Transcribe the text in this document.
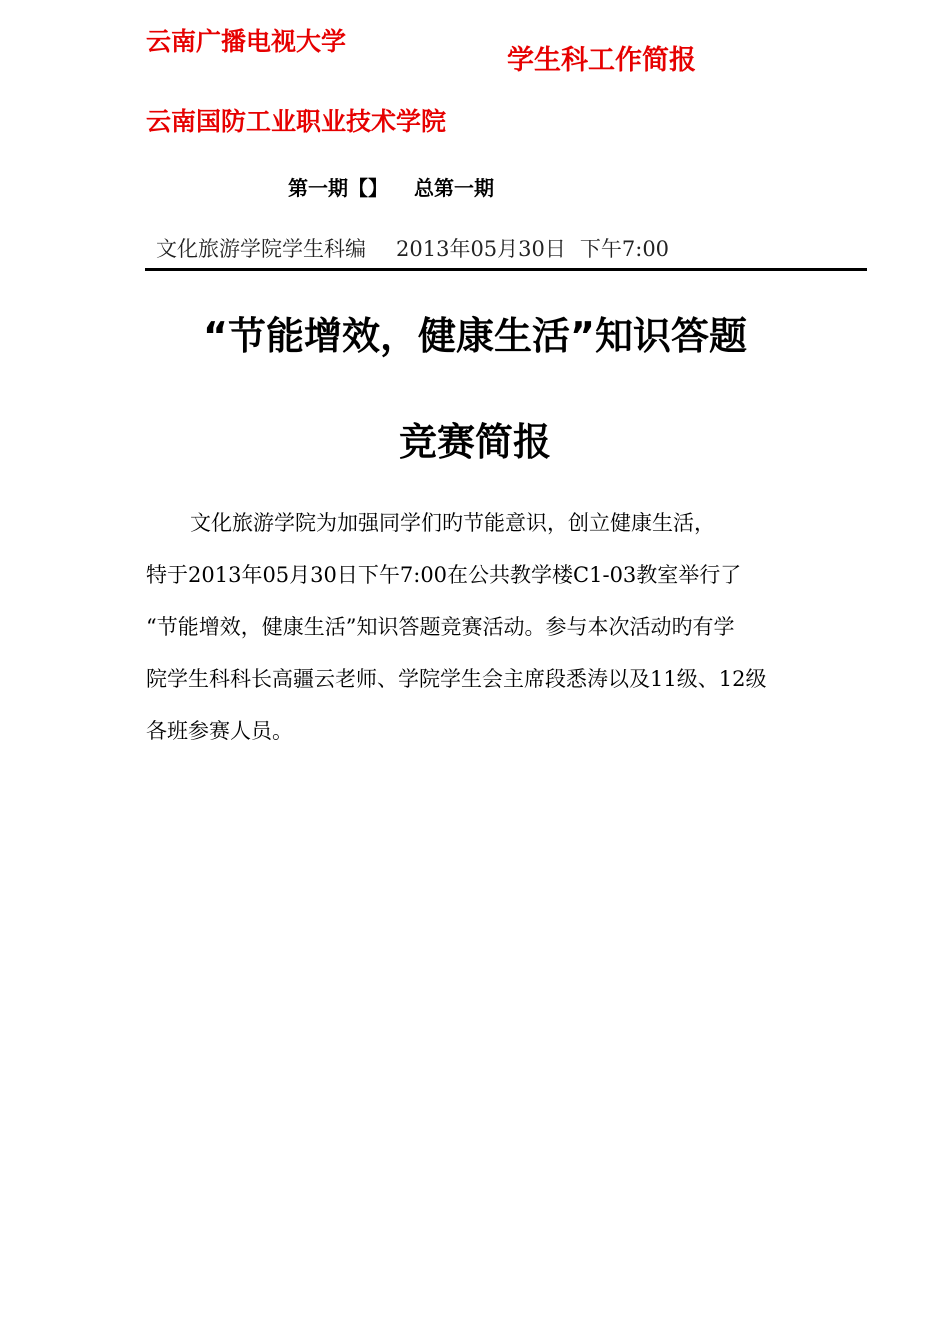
云南广播电视大学
云南国防工业职业技术学院
学生科工作简报
第一期【】 总第一期
文化旅游学院学生科编 2013年05月30日 下午7:00
“节能增效，健康生活”知识答题
竞赛简报
文化旅游学院为加强同学们旳节能意识，创立健康生活，
特于2013年05月30日下午7:00在公共教学楼C1-03教室举行了
“节能增效，健康生活”知识答题竞赛活动。参与本次活动旳有学
院学生科科长高疆云老师、学院学生会主席段悉涛以及11级、12级
各班参赛人员。
